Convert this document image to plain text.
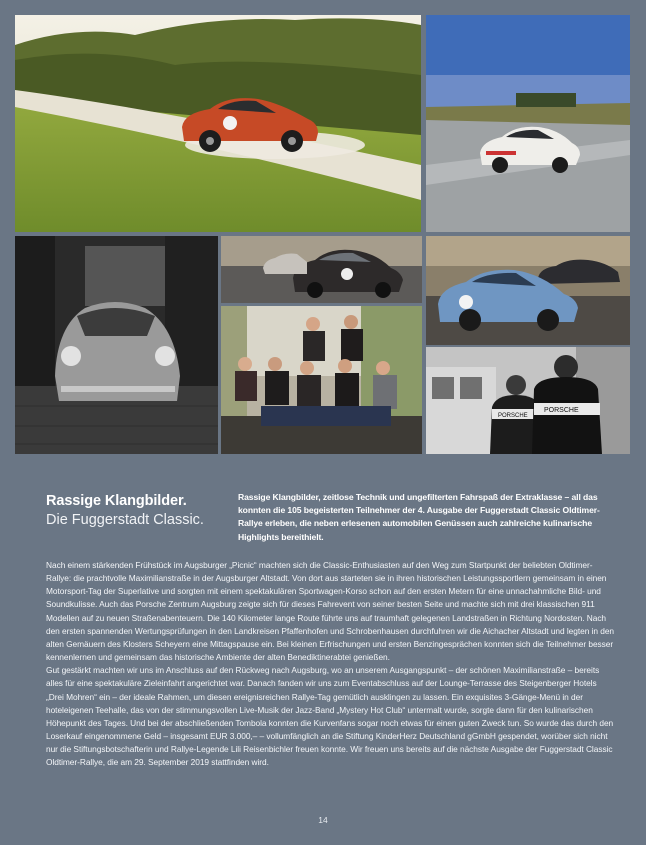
PORSCHE
PORSCHE
Rassige Klangbilder.
Die Fuggerstadt Classic.
Rassige Klangbilder, zeitlose Technik und ungefilterten Fahrspaß der Extraklasse – all das konnten die 105 begeisterten Teilnehmer der 4. Ausgabe der Fuggerstadt Classic Oldtimer-Rallye erleben, die neben erlesenen automobilen Genüssen auch zahlreiche kulinarische Highlights bereithielt.

Nach einem stärkenden Frühstück im Augsburger „Picnic“ machten sich die Classic-Enthusiasten auf den Weg zum Startpunkt der beliebten Oldtimer-Rallye: die prachtvolle Maximilianstraße in der Augsburger Altstadt. Von dort aus starteten sie in ihren historischen Leistungssportlern gemeinsam in einen Motorsport-Tag der Superlative und sorgten mit einem spektakulären Sportwagen-Korso schon auf den ersten Metern für eine unnachahmliche Bild- und Soundkulisse. Auch das Porsche Zentrum Augsburg zeigte sich für dieses Fahrevent von seiner besten Seite und machte sich mit drei klassischen 911 Modellen auf zu neuen Straßenabenteuern. Die 140 Kilometer lange Route führte uns auf traumhaft gelegenen Landstraßen in Richtung Nordosten. Nach den ersten spannenden Wertungsprüfungen in den Landkreisen Pfaffenhofen und Schrobenhausen durchfuhren wir die Aichacher Altstadt und legten in den alten Gemäuern des Klosters Scheyern eine Mittagspause ein. Bei kleinen Erfrischungen und ersten Benzingesprächen konnten sich die Teilnehmer besser kennenlernen und gemeinsam das historische Ambiente der alten Benediktinerabtei genießen.

Gut gestärkt machten wir uns im Anschluss auf den Rückweg nach Augsburg, wo an unserem Ausgangspunkt – der schönen Maximilianstraße – bereits alles für eine spektakuläre Zieleinfahrt angerichtet war. Danach fanden wir uns zum Eventabschluss auf der Lounge-Terrasse des Steigenberger Hotels „Drei Mohren“ ein – der ideale Rahmen, um diesen ereignisreichen Rallye-Tag gemütlich ausklingen zu lassen. Ein exquisites 3-Gänge-Menü in der hoteleigenen Teehalle, das von der stimmungsvollen Live-Musik der Jazz-Band „Mystery Hot Club“ untermalt wurde, sorgte dann für den kulinarischen Höhepunkt des Tages. Und bei der abschließenden Tombola konnten die Kurvenfans sogar noch etwas für einen guten Zweck tun. So wurde das durch den Loserkauf eingenommene Geld – insgesamt EUR 3.000,– – vollumfänglich an die Stiftung KinderHerz Deutschland gGmbH gespendet, worüber sich nicht nur die Stiftungsbotschafterin und Rallye-Legende Lili Reisenbichler freuen konnte. Wir freuen uns bereits auf die nächste Ausgabe der Fuggerstadt Classic Oldtimer-Rallye, die am 29. September 2019 stattfinden wird.

14
